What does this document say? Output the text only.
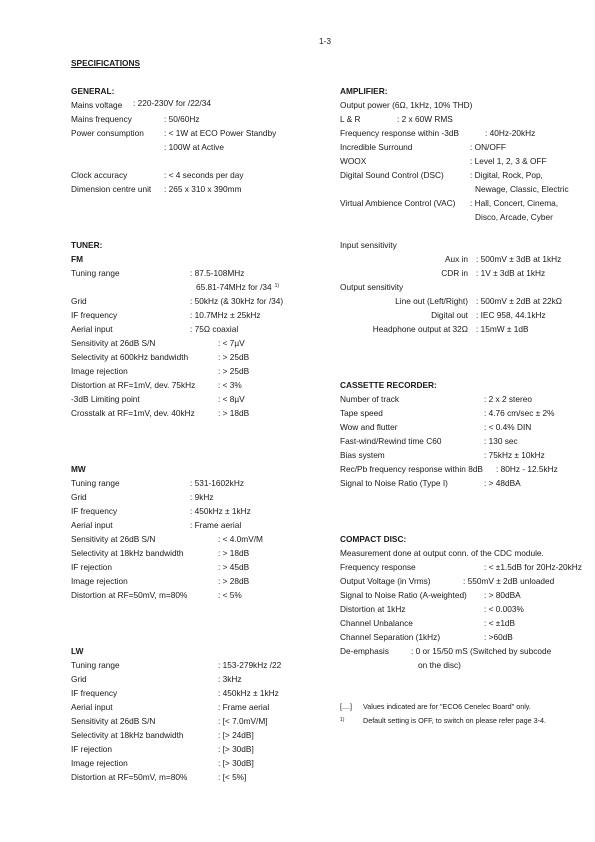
1-3
SPECIFICATIONS
GENERAL:
Mains voltage : 220-230V for /22/34
Mains frequency	: 50/60Hz
Power consumption : < 1W at ECO Power Standby
: 100W at Active
Clock accuracy	: < 4 seconds per day
Dimension centre unit : 265 x 310 x 390mm
TUNER:
FM
Tuning range	: 87.5-108MHz
65.81-74MHz for /34 $^{1)}$
Grid	: 50kHz (& 30kHz for /34)
IF frequency	: 10.7MHz ± 25kHz
Aerial input	: 75Ω coaxial
Sensitivity at 26dB S/N	: < 7µV
Selectivity at 600kHz bandwidth	: > 25dB
Image rejection	: > 25dB
Distortion at RF=1mV, dev. 75kHz	: < 3%
-3dB Limiting point	: < 8µV
Crosstalk at RF=1mV, dev. 40kHz	: > 18dB
MW
Tuning range	: 531-1602kHz
Grid	: 9kHz
IF frequency	: 450kHz ± 1kHz
Aerial input	: Frame aerial
Sensitivity at 26dB S/N	: < 4.0mV/M
Selectivity at 18kHz bandwidth	: > 18dB
IF rejection	: > 45dB
Image rejection	: > 28dB
Distortion at RF=50mV, m=80%	: < 5%
LW
Tuning range	: 153-279kHz /22
Grid	: 3kHz
IF frequency	: 450kHz ± 1kHz
Aerial input	: Frame aerial
Sensitivity at 26dB S/N	: [< 7.0mV/M]
Selectivity at 18kHz bandwidth	: [> 24dB]
IF rejection	: [> 30dB]
Image rejection	: [> 30dB]
Distortion at RF=50mV, m=80%	: [< 5%]
AMPLIFIER:
Output power (6Ω, 1kHz, 10% THD)
L & R	: 2 x 60W RMS
Frequency response within -3dB	: 40Hz-20kHz
Incredible Surround	: ON/OFF
WOOX	: Level 1, 2, 3 & OFF
Digital Sound Control (DSC)	: Digital, Rock, Pop,
Newage, Classic, Electric
Virtual Ambience Control (VAC) : Hall, Concert, Cinema,
Disco, Arcade, Cyber
Input sensitivity
Aux in : 500mV ± 3dB at 1kHz
CDR in : 1V ± 3dB at 1kHz
Output sensitivity
Line out (Left/Right) : 500mV ± 2dB at 22kΩ
Digital out : IEC 958, 44.1kHz
Headphone output at 32Ω : 15mW ± 1dB
CASSETTE RECORDER:
Number of track	: 2 x 2 stereo
Tape speed	: 4.76 cm/sec ± 2%
Wow and flutter	: < 0.4% DIN
Fast-wind/Rewind time C60	: 130 sec
Bias system	: 75kHz ± 10kHz
Rec/Pb frequency response within 8dB : 80Hz - 12.5kHz
Signal to Noise Ratio (Type I)	: > 48dBA
COMPACT DISC:
Measurement done at output conn. of the CDC module.
Frequency response	: < ±1.5dB for 20Hz-20kHz
Output Voltage (in Vrms)	: 550mV ± 2dB unloaded
Signal to Noise Ratio (A-weighted) : > 80dBA
Distortion at 1kHz	: < 0.003%
Channel Unbalance	: < ±1dB
Channel Separation (1kHz)	: >60dB
De-emphasis	: 0 or 15/50 mS (Switched by subcode
on the disc)
[....] Values indicated are for "ECO6 Cenelec Board" only.
1)	Default setting is OFF, to switch on please refer page 3-4.
